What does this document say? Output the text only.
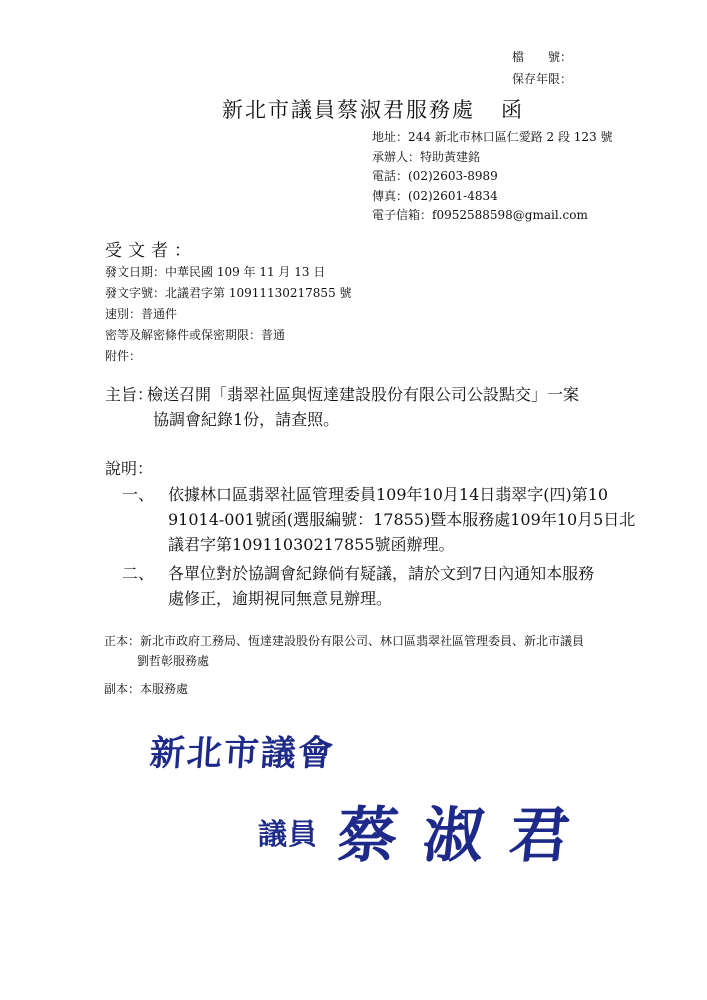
檔　　號：
保存年限：
新北市議員蔡淑君服務處 函
地址：244 新北市林口區仁愛路 2 段 123 號
承辦人：特助黃建銘
電話：(02)2603-8989
傳真：(02)2601-4834
電子信箱：f0952588598@gmail.com
受文者：
發文日期：中華民國 109 年 11 月 13 日
發文字號：北議君字第 10911130217855 號
速別：普通件
密等及解密條件或保密期限：普通
附件：
主旨：檢送召開「翡翠社區與恆達建設股份有限公司公設點交」一案
協調會紀錄1份，請查照。
說明：
一、 依據林口區翡翠社區管理委員109年10月14日翡翠字(四)第10
91014-001號函(選服編號：17855)暨本服務處109年10月5日北
議君字第10911030217855號函辦理。
二、 各單位對於協調會紀錄倘有疑議，請於文到7日內通知本服務
處修正，逾期視同無意見辦理。
正本：新北市政府工務局、恆達建設股份有限公司、林口區翡翠社區管理委員、新北市議員
劉哲彰服務處
副本：本服務處
新北市議會
議員 蔡淑君
